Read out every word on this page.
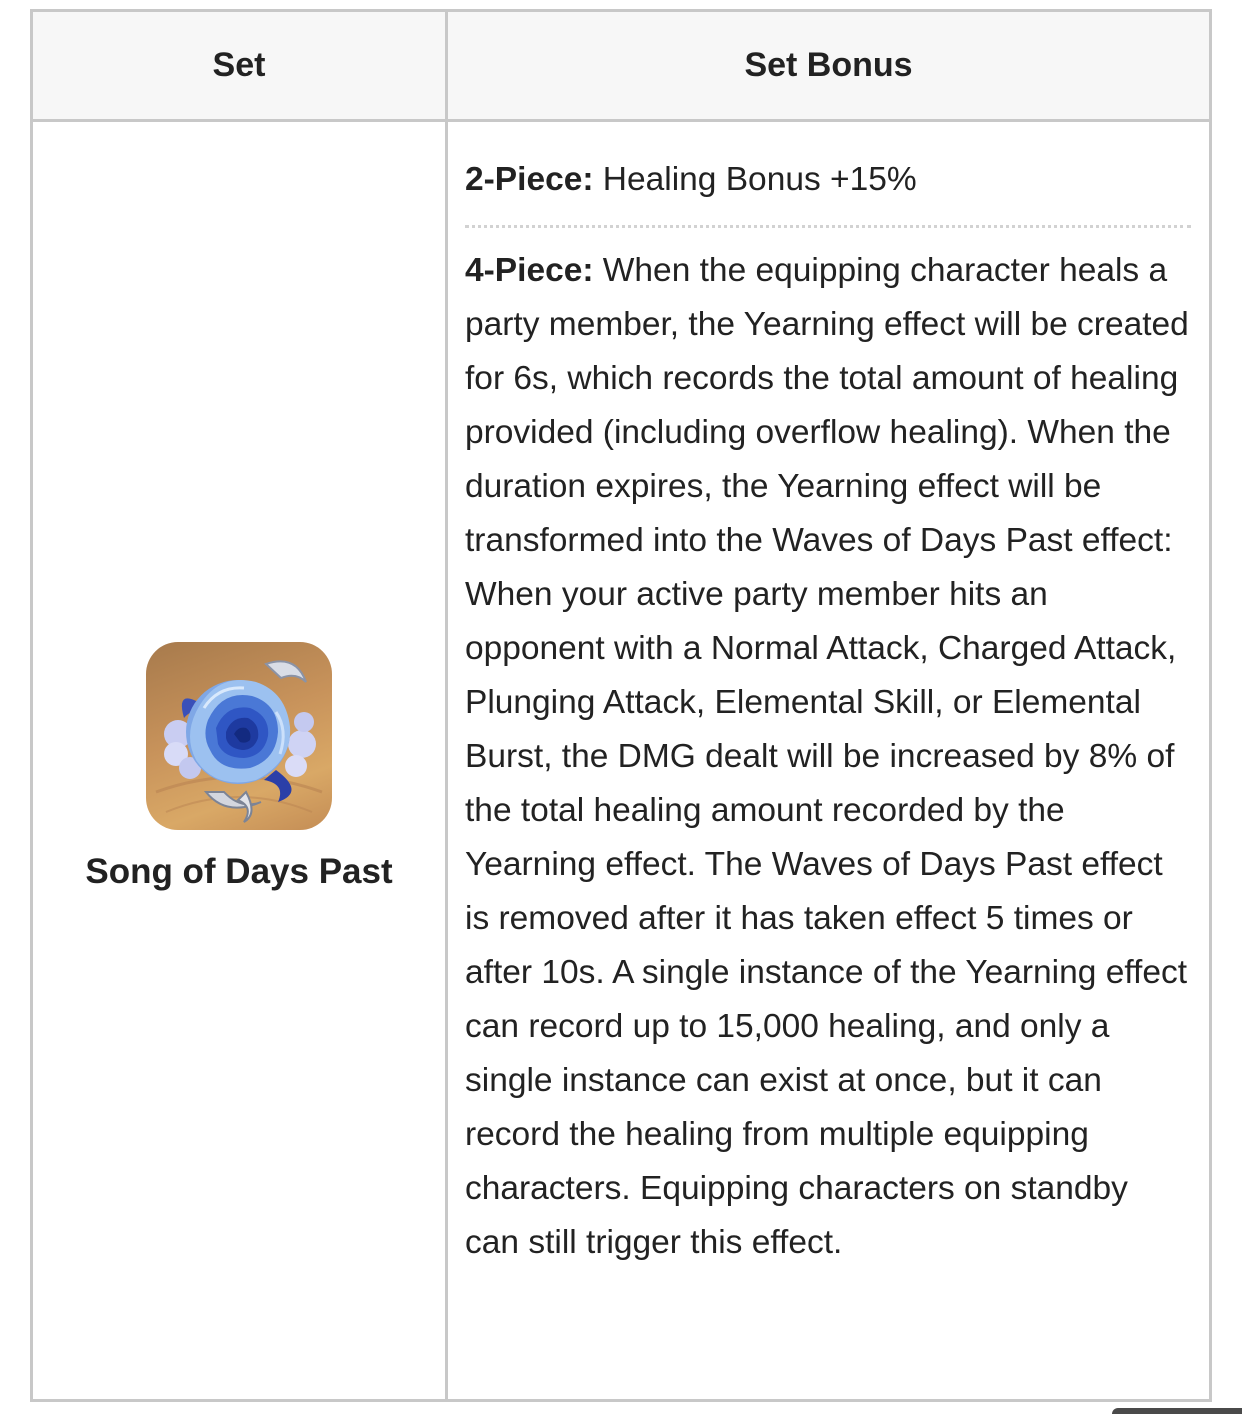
Set	Set Bonus

Song of Days Past	2-Piece: Healing Bonus +15%
4-Piece: When the equipping character heals a party member, the Yearning effect will be created for 6s, which records the total amount of healing provided (including overflow healing). When the duration expires, the Yearning effect will be transformed into the Waves of Days Past effect: When your active party member hits an opponent with a Normal Attack, Charged Attack, Plunging Attack, Elemental Skill, or Elemental Burst, the DMG dealt will be increased by 8% of the total healing amount recorded by the Yearning effect. The Waves of Days Past effect is removed after it has taken effect 5 times or after 10s. A single instance of the Yearning effect can record up to 15,000 healing, and only a single instance can exist at once, but it can record the healing from multiple equipping characters. Equipping characters on standby can still trigger this effect.
